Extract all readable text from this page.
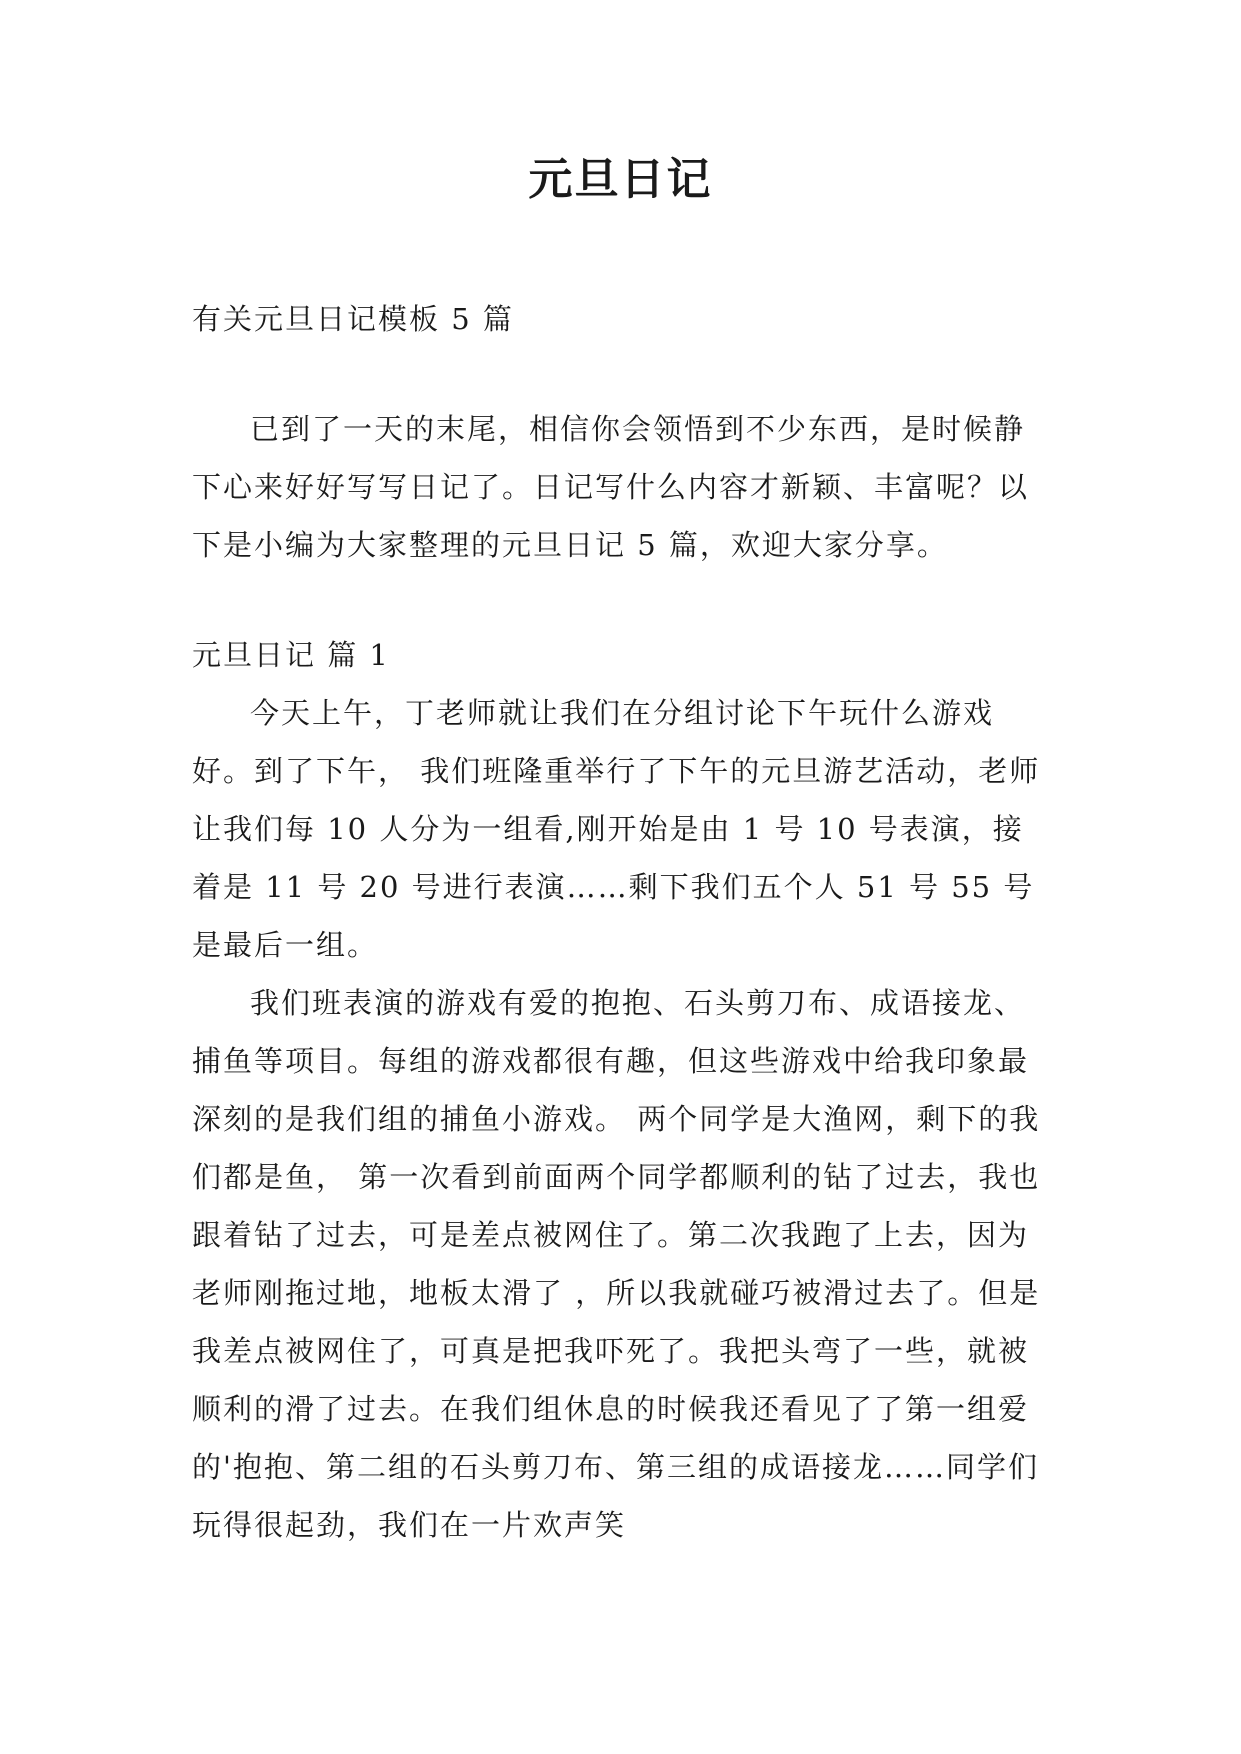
元旦日记

有关元旦日记模板 5 篇

已到了一天的末尾，相信你会领悟到不少东西，是时候静下心来好好写写日记了。日记写什么内容才新颖、丰富呢？以下是小编为大家整理的元旦日记 5 篇，欢迎大家分享。

元旦日记 篇 1

今天上午，丁老师就让我们在分组讨论下午玩什么游戏好。到了下午， 我们班隆重举行了下午的元旦游艺活动，老师让我们每 10 人分为一组看,刚开始是由 1 号 10 号表演，接着是 11 号 20 号进行表演……剩下我们五个人 51 号 55 号是最后一组。

我们班表演的游戏有爱的抱抱、石头剪刀布、成语接龙、捕鱼等项目。每组的游戏都很有趣，但这些游戏中给我印象最深刻的是我们组的捕鱼小游戏。 两个同学是大渔网，剩下的我们都是鱼， 第一次看到前面两个同学都顺利的钻了过去，我也跟着钻了过去，可是差点被网住了。第二次我跑了上去，因为老师刚拖过地，地板太滑了 ，所以我就碰巧被滑过去了。但是我差点被网住了，可真是把我吓死了。我把头弯了一些，就被顺利的滑了过去。在我们组休息的时候我还看见了了第一组爱的'抱抱、第二组的石头剪刀布、第三组的成语接龙……同学们玩得很起劲，我们在一片欢声笑
